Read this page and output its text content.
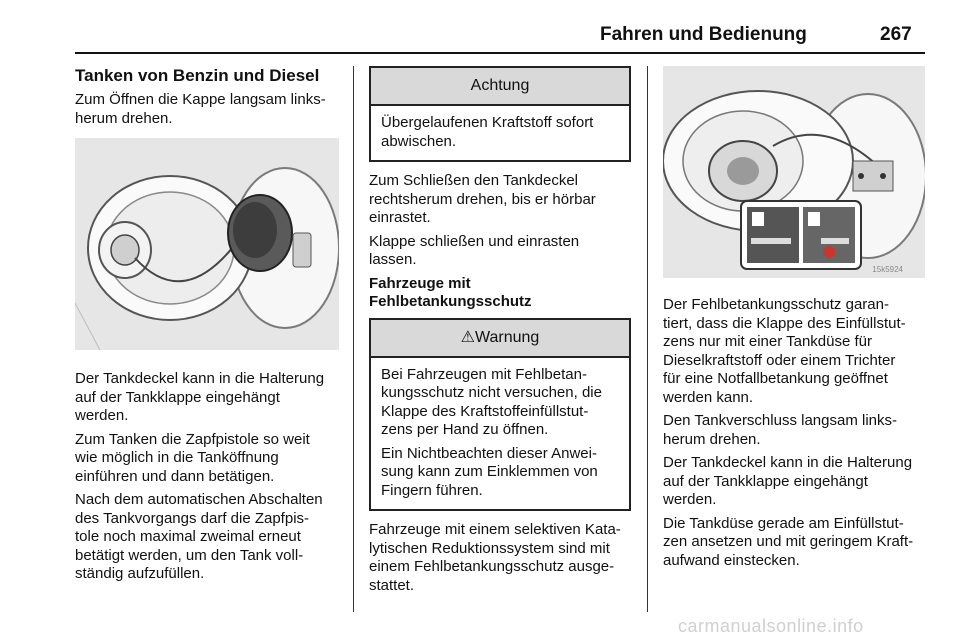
Fahren und Bedienung	267
Tanken von Benzin und Diesel

Zum Öffnen die Kappe langsam links-
herum drehen.

Der Tankdeckel kann in die Halterung
auf der Tankklappe eingehängt
werden.

Zum Tanken die Zapfpistole so weit
wie möglich in die Tanköffnung
einführen und dann betätigen.

Nach dem automatischen Abschalten
des Tankvorgangs darf die Zapfpis-
tole noch maximal zweimal erneut
betätigt werden, um den Tank voll-
ständig aufzufüllen.

Achtung

Übergelaufenen Kraftstoff sofort
abwischen.

Zum Schließen den Tankdeckel
rechtsherum drehen, bis er hörbar
einrastet.

Klappe schließen und einrasten
lassen.

Fahrzeuge mit
Fehlbetankungsschutz
⚠Warnung

Bei Fahrzeugen mit Fehlbetan-
kungsschutz nicht versuchen, die
Klappe des Kraftstoffeinfüllstut-
zens per Hand zu öffnen.

Ein Nichtbeachten dieser Anwei-
sung kann zum Einklemmen von
Fingern führen.

Fahrzeuge mit einem selektiven Kata-
lytischen Reduktionssystem sind mit
einem Fehlbetankungsschutz ausge-
stattet.

15k5924

Der Fehlbetankungsschutz garan-
tiert, dass die Klappe des Einfüllstut-
zens nur mit einer Tankdüse für
Dieselkraftstoff oder einem Trichter
für eine Notfallbetankung geöffnet
werden kann.

Den Tankverschluss langsam links-
herum drehen.

Der Tankdeckel kann in die Halterung
auf der Tankklappe eingehängt
werden.

Die Tankdüse gerade am Einfüllstut-
zen ansetzen und mit geringem Kraft-
aufwand einstecken.

carmanualsonline.info
